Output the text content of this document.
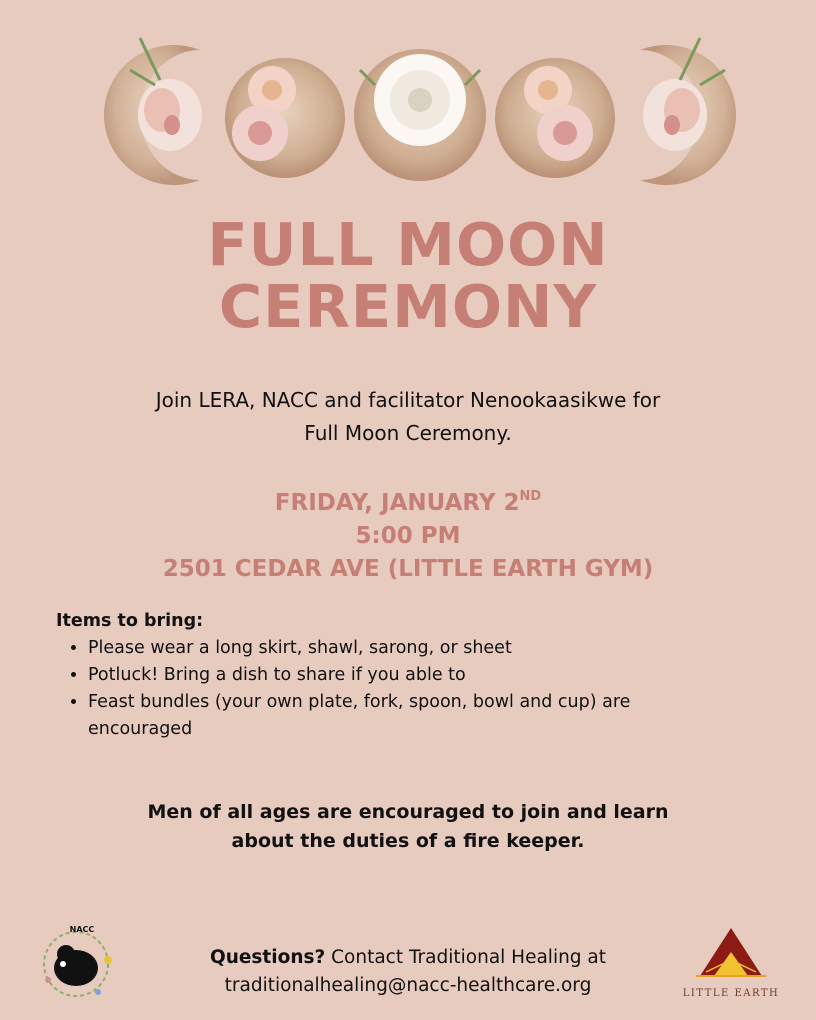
FULL MOON
CEREMONY
Join LERA, NACC and facilitator Nenookaasikwe for
Full Moon Ceremony.
FRIDAY, JANUARY 2ND
5:00 PM
2501 CEDAR AVE (LITTLE EARTH GYM)
Items to bring:
• Please wear a long skirt, shawl, sarong, or sheet
• Potluck! Bring a dish to share if you able to
• Feast bundles (your own plate, fork, spoon, bowl and cup) are encouraged
Men of all ages are encouraged to join and learn
about the duties of a fire keeper.
Questions? Contact Traditional Healing at
traditionalhealing@nacc-healthcare.org
NACC
LITTLE EARTH
